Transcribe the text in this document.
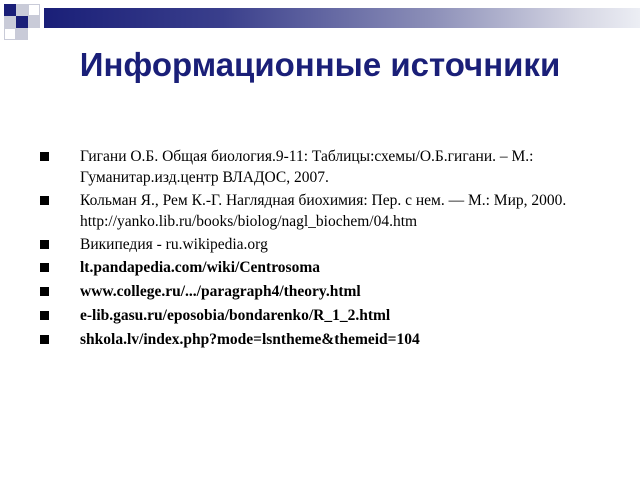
Информационные источники
Гигани О.Б. Общая биология.9-11: Таблицы:схемы/О.Б.гигани. – М.: Гуманитар.изд.центр ВЛАДОС, 2007.
Кольман Я., Рем К.-Г. Наглядная биохимия: Пер. с нем. — М.: Мир, 2000. http://yanko.lib.ru/books/biolog/nagl_biochem/04.htm
Википедия - ru.wikipedia.org
lt.pandapedia.com/wiki/Centrosoma
www.college.ru/.../paragraph4/theory.html
e-lib.gasu.ru/eposobia/bondarenko/R_1_2.html
shkola.lv/index.php?mode=lsntheme&themeid=104
